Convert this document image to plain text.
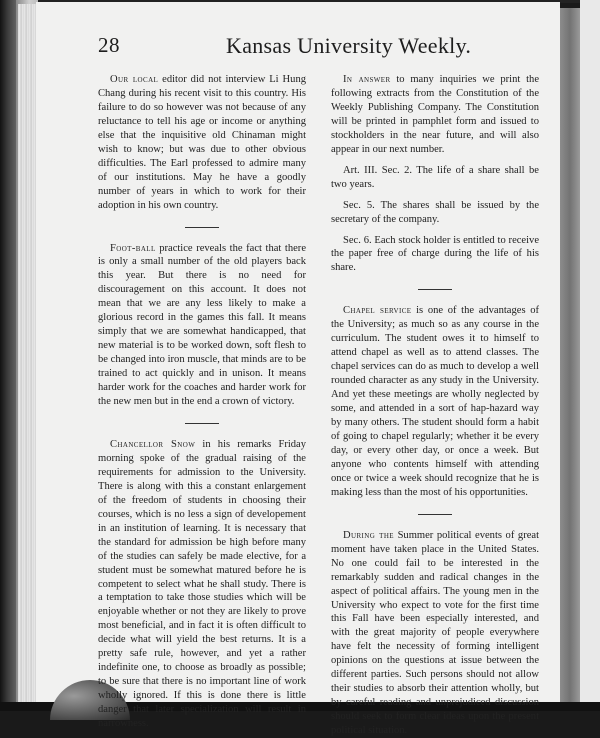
28	Kansas University Weekly.

Our local editor did not interview Li Hung Chang during his recent visit to this country. His failure to do so however was not because of any reluctance to tell his age or income or anything else that the inquisitive old Chinaman might wish to know; but was due to other obvious difficulties. The Earl professed to admire many of our institutions. May he have a goodly number of years in which to work for their adoption in his own country.

Foot-ball practice reveals the fact that there is only a small number of the old players back this year. But there is no need for discouragement on this account. It does not mean that we are any less likely to make a glorious record in the games this fall. It means simply that we are somewhat handicapped, that new material is to be worked down, soft flesh to be changed into iron muscle, that minds are to be trained to act quickly and in unison. It means harder work for the coaches and harder work for the new men but in the end a crown of victory.

Chancellor Snow in his remarks Friday morning spoke of the gradual raising of the requirements for admission to the University. There is along with this a constant enlargement of the freedom of students in choosing their courses, which is no less a sign of developement in an institution of learning. It is necessary that the standard for admission be high before many of the studies can safely be made elective, for a student must be somewhat matured before he is competent to select what he shall study. There is a temptation to take those studies which will be enjoyable whether or not they are likely to prove most beneficial, and in fact it is often difficult to decide what will yield the best returns. It is a pretty safe rule, however, and yet a rather indefinite one, to choose as broadly as possible; to be sure that there is no important line of work wholly ignored. If this is done there is little danger that later specialization will result in narrowness.

In answer to many inquiries we print the following extracts from the Constitution of the Weekly Publishing Company. The Constitution will be printed in pamphlet form and issued to stockholders in the near future, and will also appear in our next number.

Art. III. Sec. 2. The life of a share shall be two years.

Sec. 5. The shares shall be issued by the secretary of the company.

Sec. 6. Each stock holder is entitled to receive the paper free of charge during the life of his share.

Chapel service is one of the advantages of the University; as much so as any course in the curriculum. The student owes it to himself to attend chapel as well as to attend classes. The chapel services can do as much to develop a well rounded character as any study in the University. And yet these meetings are wholly neglected by some, and attended in a sort of hap-hazard way by many others. The student should form a habit of going to chapel regularly; whether it be every day, or every other day, or once a week. But anyone who contents himself with attending once or twice a week should recognize that he is making less than the most of his opportunities.

During the Summer political events of great moment have taken place in the United States. No one could fail to be interested in the remarkably sudden and radical changes in the aspect of political affairs. The young men in the University who expect to vote for the first time this Fall have been especially interested, and with the great majority of people everywhere have felt the necessity of forming intelligent opinions on the questions at issue between the different parties. Such persons should not allow their studies to absorb their attention wholly, but by careful reading and unprejudiced discussion should seek to form clear ideas upon the present political situation.
